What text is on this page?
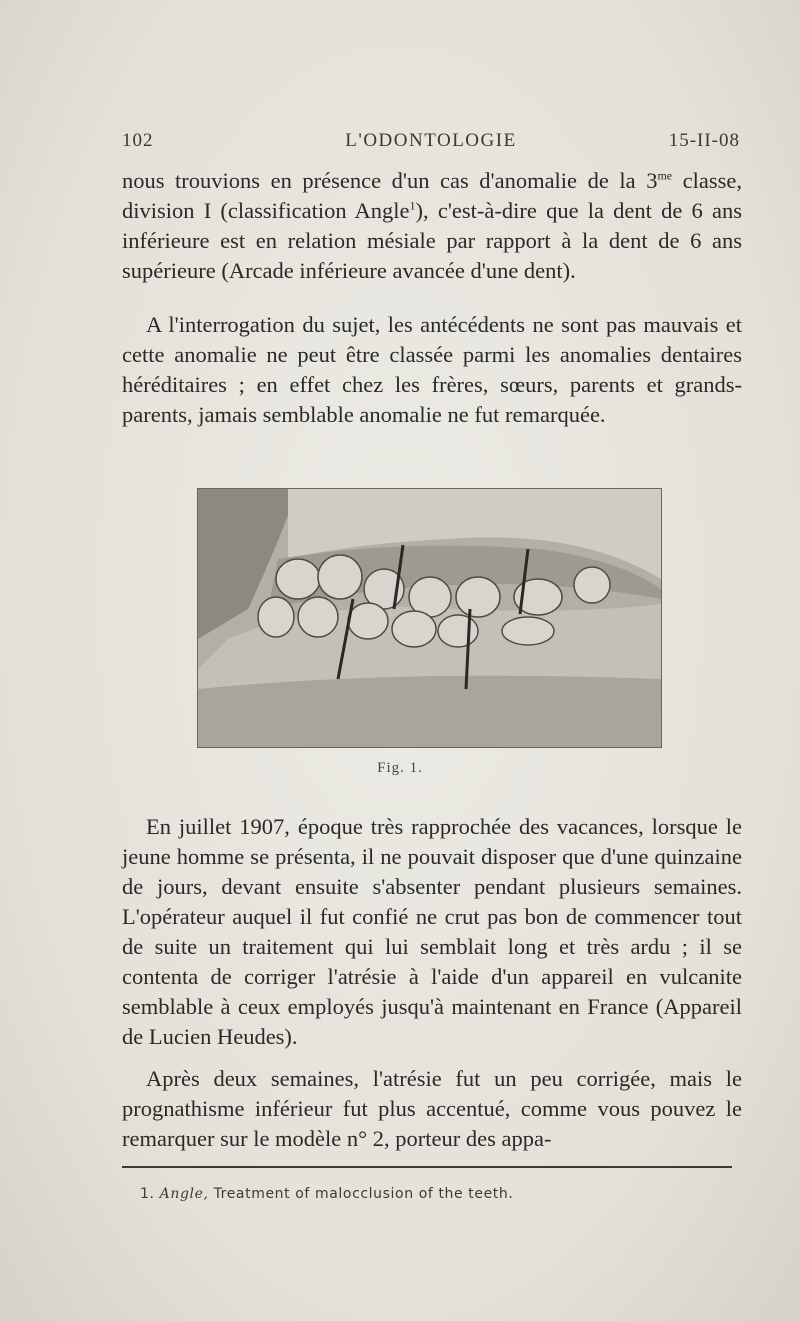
102	L'ODONTOLOGIE	15-II-08

nous trouvions en présence d'un cas d'anomalie de la $3^{me}$ classe, division I (classification Angle$^1$), c'est-à-dire que la dent de 6 ans inférieure est en relation mésiale par rapport à la dent de 6 ans supérieure (Arcade inférieure avancée d'une dent).

A l'interrogation du sujet, les antécédents ne sont pas mauvais et cette anomalie ne peut être classée parmi les anomalies dentaires héréditaires ; en effet chez les frères, sœurs, parents et grands-parents, jamais semblable anomalie ne fut remarquée.

Fig. 1.

En juillet 1907, époque très rapprochée des vacances, lorsque le jeune homme se présenta, il ne pouvait disposer que d'une quinzaine de jours, devant ensuite s'absenter pendant plusieurs semaines. L'opérateur auquel il fut confié ne crut pas bon de commencer tout de suite un traitement qui lui semblait long et très ardu ; il se contenta de corriger l'atrésie à l'aide d'un appareil en vulcanite semblable à ceux employés jusqu'à maintenant en France (Appareil de Lucien Heudes).

Après deux semaines, l'atrésie fut un peu corrigée, mais le prognathisme inférieur fut plus accentué, comme vous pouvez le remarquer sur le modèle n° 2, porteur des appa-

1. Angle, Treatment of malocclusion of the teeth.
